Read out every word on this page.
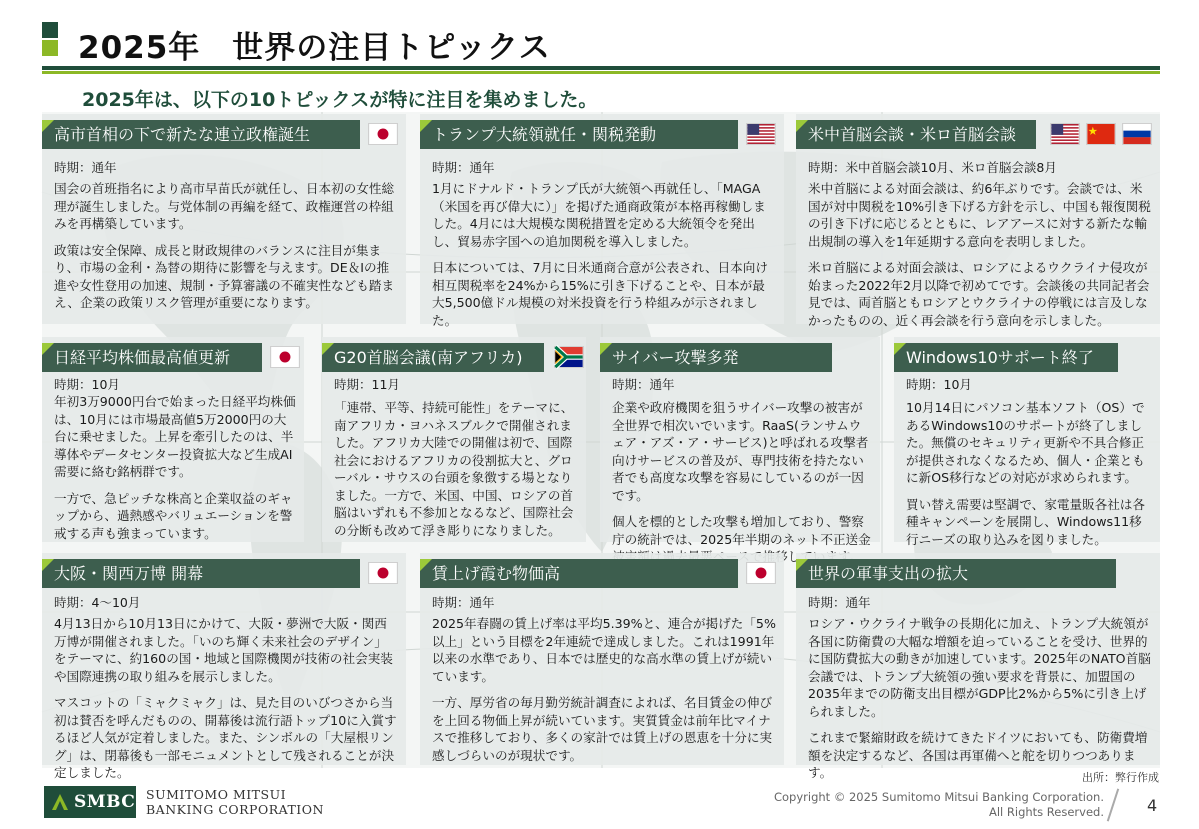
2025年　世界の注目トピックス
2025年は、以下の10トピックスが特に注目を集めました。
高市首相の下で新たな連立政権誕生
時期：通年

国会の首班指名により高市早苗氏が就任し、日本初の女性総理が誕生しました。与党体制の再編を経て、政権運営の枠組みを再構築しています。

政策は安全保障、成長と財政規律のバランスに注目が集まり、市場の金利・為替の期待に影響を与えます。DE＆Iの推進や女性登用の加速、規制・予算審議の不確実性なども踏まえ、企業の政策リスク管理が重要になります。

トランプ大統領就任・関税発動
時期：通年

1月にドナルド・トランプ氏が大統領へ再就任し、「MAGA（米国を再び偉大に）」を掲げた通商政策が本格再稼働しました。4月には大規模な関税措置を定める大統領令を発出し、貿易赤字国への追加関税を導入しました。

日本については、7月に日米通商合意が公表され、日本向け相互関税率を24%から15%に引き下げることや、日本が最大5,500億ドル規模の対米投資を行う枠組みが示されました。

米中首脳会談・米ロ首脳会談
時期：米中首脳会談10月、米ロ首脳会談8月

米中首脳による対面会談は、約6年ぶりです。会談では、米国が対中関税を10%引き下げる方針を示し、中国も報復関税の引き下げに応じるとともに、レアアースに対する新たな輸出規制の導入を1年延期する意向を表明しました。

米ロ首脳による対面会談は、ロシアによるウクライナ侵攻が始まった2022年2月以降で初めてです。会談後の共同記者会見では、両首脳ともロシアとウクライナの停戦には言及しなかったものの、近く再会談を行う意向を示しました。

日経平均株価最高値更新
時期：10月

年初3万9000円台で始まった日経平均株価は、10月には市場最高値5万2000円の大台に乗せました。上昇を牽引したのは、半導体やデータセンター投資拡大など生成AI需要に絡む銘柄群です。

一方で、急ピッチな株高と企業収益のギャップから、過熱感やバリュエーションを警戒する声も強まっています。

G20首脳会議(南アフリカ)
時期：11月

「連帯、平等、持続可能性」をテーマに、南アフリカ・ヨハネスブルクで開催されました。アフリカ大陸での開催は初で、国際社会におけるアフリカの役割拡大と、グローバル・サウスの台頭を象徴する場となりました。一方で、米国、中国、ロシアの首脳はいずれも不参加となるなど、国際社会の分断も改めて浮き彫りになりました。

サイバー攻撃多発
時期：通年

企業や政府機関を狙うサイバー攻撃の被害が全世界で相次いでいます。RaaS(ランサムウェア・アズ・ア・サービス)と呼ばれる攻撃者向けサービスの普及が、専門技術を持たない者でも高度な攻撃を容易にしているのが一因です。

個人を標的とした攻撃も増加しており、警察庁の統計では、2025年半期のネット不正送金 推移して

Windows10サポート終了
時期：10月

10月14日にパソコン基本ソフト（OS）であるWindows10のサポートが終了しました。無償のセキュリティ更新や不具合修正が提供されなくなるため、個人・企業ともに新OS移行などの対応が求められます。

買い替え需要は堅調で、家電量販各社は各種キャンペーンを展開し、Windows11移行ニーズの取り込みを図りました。

大阪・関西万博 開幕
時期：4～10月

4月13日から10月13日にかけて、大阪・夢洲で大阪・関西万博が開催されました。「いのち輝く未来社会のデザイン」をテーマに、約160の国・地域と国際機関が技術の社会実装や国際連携の取り組みを展示しました。

マスコットの「ミャクミャク」は、見た目のいびつさから当初は賛否を呼んだものの、開幕後は流行語トップ10に入賞するほど人気が定着しました。また、シンボルの「大屋根リング」は、閉幕後も一部モニュメントとして残されることが決定しました。

賃上げ霞む物価高
時期：通年

2025年春闘の賃上げ率は平均5.39%と、連合が掲げた「5%以上」という目標を2年連続で達成しました。これは1991年以来の水準であり、日本では歴史的な高水準の賃上げが続いています。

一方、厚労省の毎月勤労統計調査によれば、名目賃金の伸びを上回る物価上昇が続いています。実質賃金は前年比マイナスで推移しており、多くの家計では賃上げの恩恵を十分に実感しづらいのが現状です。

世界の軍事支出の拡大
時期：通年

ロシア・ウクライナ戦争の長期化に加え、トランプ大統領が各国に防衛費の大幅な増額を迫っていることを受け、世界的に国防費拡大の動きが加速しています。2025年のNATO首脳会議では、トランプ大統領の強い要求を背景に、加盟国の2035年までの防衛支出目標がGDP比2%から5%に引き上げられました。

これまで緊縮財政を続けてきたドイツにおいても、防衛費増額を決定するなど、各国は再軍備へと舵を切りつつあります。	出所：弊行作成
SMBC SUMITOMO MITSUI
BANKING CORPORATION
Copyright © 2025 Sumitomo Mitsui Banking Corporation.
All Rights Reserved.	4
